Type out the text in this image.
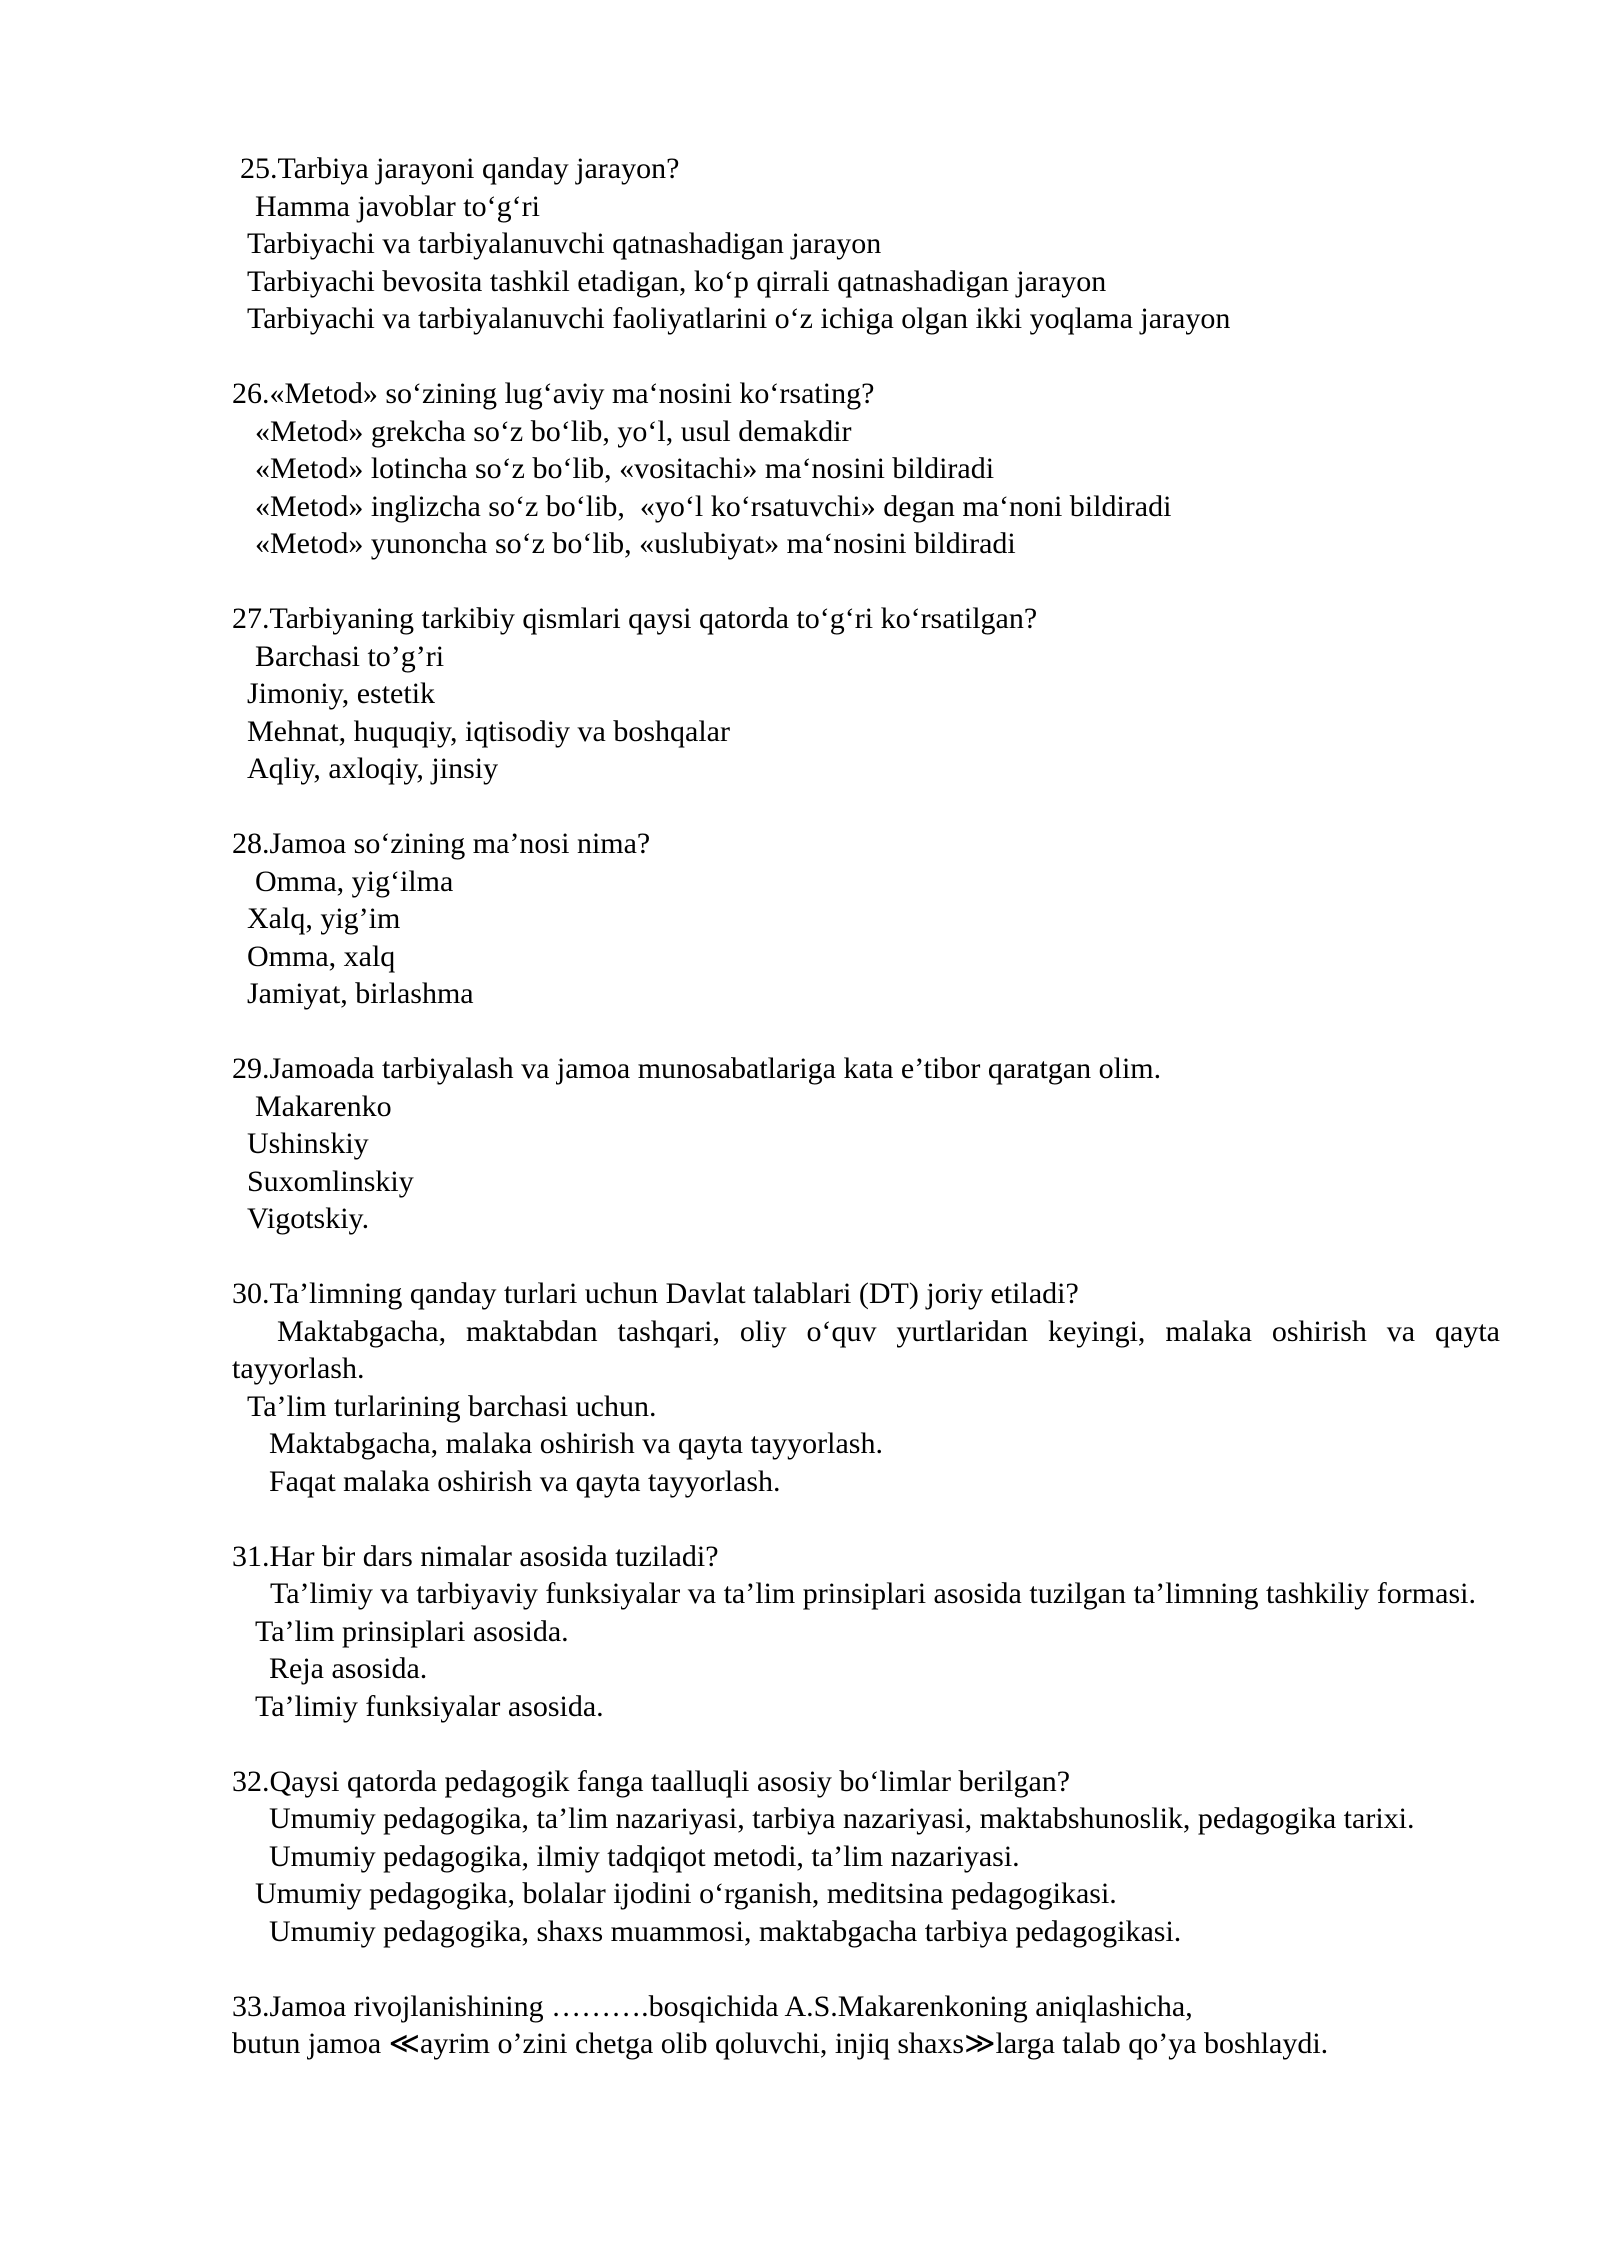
25.Tarbiya jarayoni qanday jarayon?
Hamma javoblar to‘g‘ri
Tarbiyachi va tarbiyalanuvchi qatnashadigan jarayon
Tarbiyachi bevosita tashkil etadigan, ko‘p qirrali qatnashadigan jarayon
Tarbiyachi va tarbiyalanuvchi faoliyatlarini o‘z ichiga olgan ikki yoqlama jarayon
26.«Metod» so‘zining lug‘aviy ma‘nosini ko‘rsating?
«Metod» grekcha so‘z bo‘lib, yo‘l, usul demakdir
«Metod» lotincha so‘z bo‘lib, «vositachi» ma‘nosini bildiradi
«Metod» inglizcha so‘z bo‘lib,  «yo‘l ko‘rsatuvchi» degan ma‘noni bildiradi
«Metod» yunoncha so‘z bo‘lib, «uslubiyat» ma‘nosini bildiradi
27.Tarbiyaning tarkibiy qismlari qaysi qatorda to‘g‘ri ko‘rsatilgan?
Barchasi to’g’ri
Jimoniy, estetik
Mehnat, huquqiy, iqtisodiy va boshqalar
Aqliy, axloqiy, jinsiy
28.Jamoa so‘zining ma’nosi nima?
Omma, yig‘ilma
Xalq, yig’im
Omma, xalq
Jamiyat, birlashma
29.Jamoada tarbiyalash va jamoa munosabatlariga kata e’tibor qaratgan olim.
Makarenko
Ushinskiy
Suxomlinskiy
Vigotskiy.
30.Ta’limning qanday turlari uchun Davlat talablari (DT) joriy etiladi?
Maktabgacha, maktabdan tashqari, oliy o‘quv yurtlaridan keyingi, malaka oshirish va qayta tayyorlash.
Ta’lim turlarining barchasi uchun.
Maktabgacha, malaka oshirish va qayta tayyorlash.
Faqat malaka oshirish va qayta tayyorlash.
31.Har bir dars nimalar asosida tuziladi?
Ta’limiy va tarbiyaviy funksiyalar va ta’lim prinsiplari asosida tuzilgan ta’limning tashkiliy formasi.
Ta’lim prinsiplari asosida.
Reja asosida.
Ta’limiy funksiyalar asosida.
32.Qaysi qatorda pedagogik fanga taalluqli asosiy bo‘limlar berilgan?
Umumiy pedagogika, ta’lim nazariyasi, tarbiya nazariyasi, maktabshunoslik, pedagogika tarixi.
Umumiy pedagogika, ilmiy tadqiqot metodi, ta’lim nazariyasi.
Umumiy pedagogika, bolalar ijodini o‘rganish, meditsina pedagogikasi.
Umumiy pedagogika, shaxs muammosi, maktabgacha tarbiya pedagogikasi.
33.Jamoa rivojlanishining ……….bosqichida A.S.Makarenkoning aniqlashicha,
butun jamoa ≪ayrim o’zini chetga olib qoluvchi, injiq shaxs≫larga talab qo’ya boshlaydi.
